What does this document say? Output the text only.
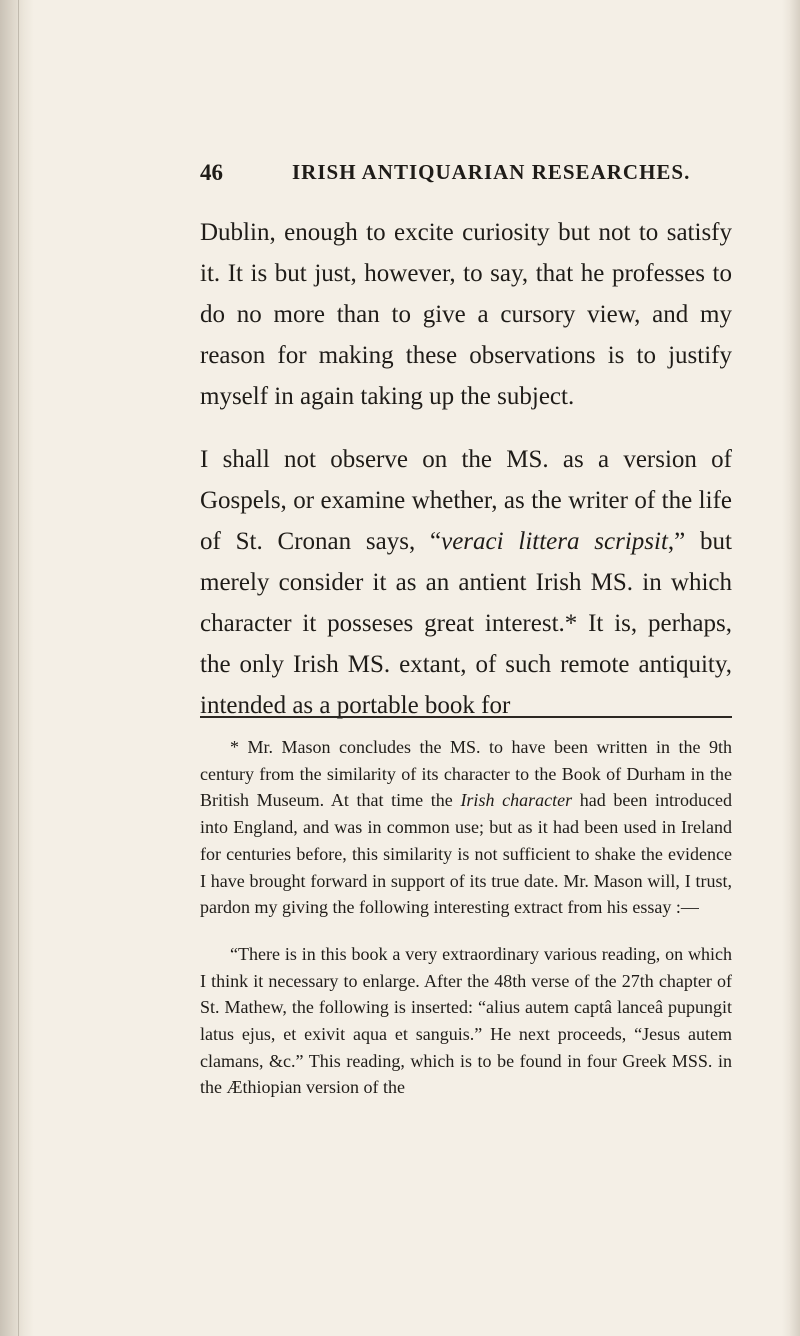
46	IRISH ANTIQUARIAN RESEARCHES.

Dublin, enough to excite curiosity but not to satisfy it. It is but just, however, to say, that he professes to do no more than to give a cursory view, and my reason for making these observations is to justify myself in again taking up the subject.

I shall not observe on the MS. as a version of Gospels, or examine whether, as the writer of the life of St. Cronan says, “veraci littera scripsit,” but merely consider it as an antient Irish MS. in which character it posseses great interest.* It is, perhaps, the only Irish MS. extant, of such remote antiquity, intended as a portable book for

* Mr. Mason concludes the MS. to have been written in the 9th century from the similarity of its character to the Book of Durham in the British Museum. At that time the Irish character had been introduced into England, and was in common use; but as it had been used in Ireland for centuries before, this similarity is not sufficient to shake the evidence I have brought forward in support of its true date. Mr. Mason will, I trust, pardon my giving the following interesting extract from his essay :—

“There is in this book a very extraordinary various reading, on which I think it necessary to enlarge. After the 48th verse of the 27th chapter of St. Mathew, the following is inserted: “alius autem captâ lanceâ pupungit latus ejus, et exivit aqua et sanguis.” He next proceeds, “Jesus autem clamans, &c.” This reading, which is to be found in four Greek MSS. in the Æthiopian version of the
